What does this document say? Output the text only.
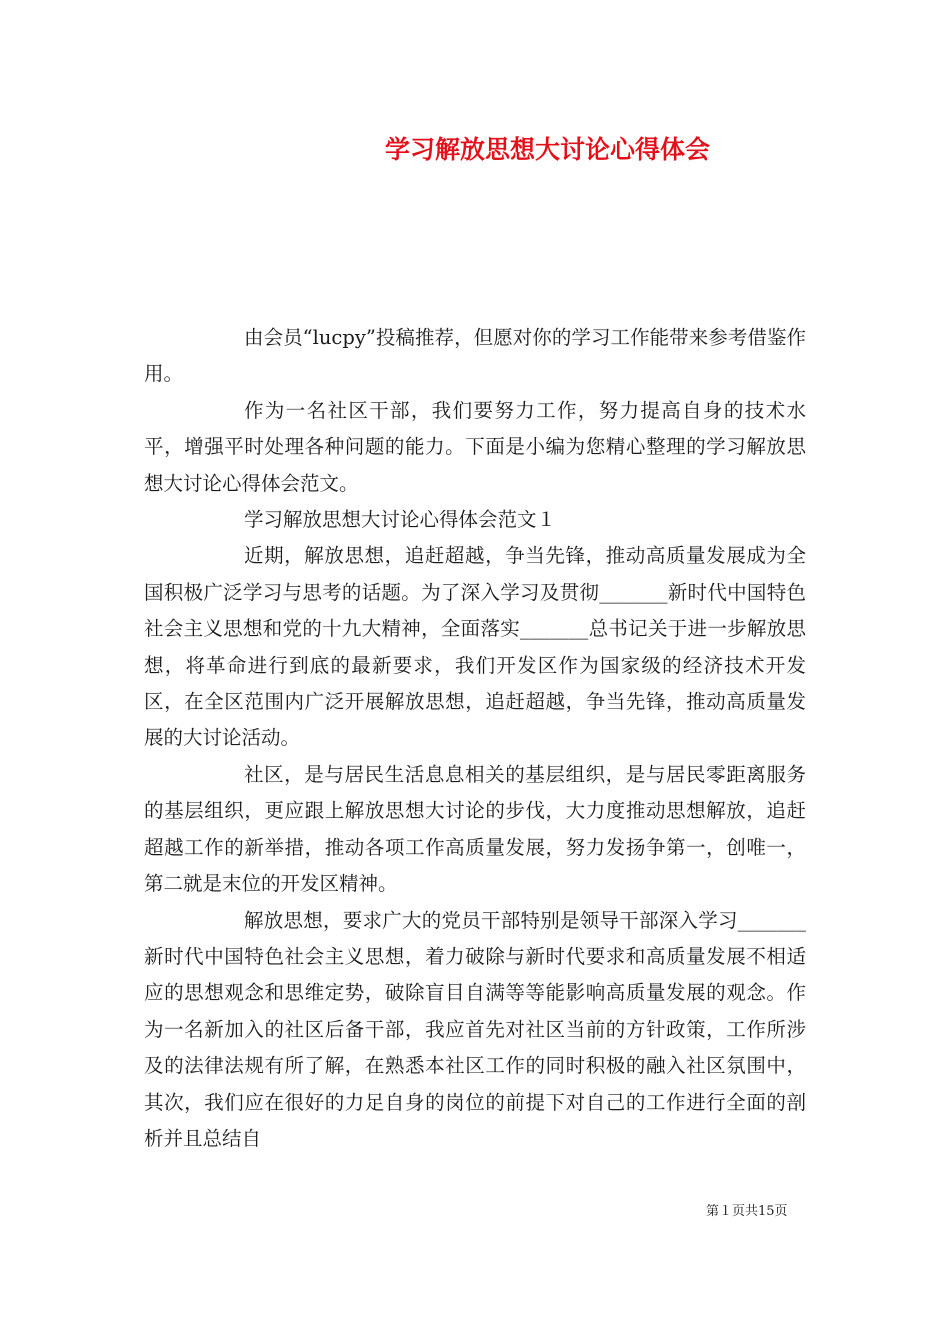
学习解放思想大讨论心得体会

由会员“lucpy”投稿推荐，但愿对你的学习工作能带来参考借鉴作用。

作为一名社区干部，我们要努力工作，努力提高自身的技术水平，增强平时处理各种问题的能力。下面是小编为您精心整理的学习解放思想大讨论心得体会范文。

学习解放思想大讨论心得体会范文１

近期，解放思想，追赶超越，争当先锋，推动高质量发展成为全国积极广泛学习与思考的话题。为了深入学习及贯彻_______新时代中国特色社会主义思想和党的十九大精神，全面落实_______总书记关于进一步解放思想，将革命进行到底的最新要求，我们开发区作为国家级的经济技术开发区，在全区范围内广泛开展解放思想，追赶超越，争当先锋，推动高质量发展的大讨论活动。

社区，是与居民生活息息相关的基层组织，是与居民零距离服务的基层组织，更应跟上解放思想大讨论的步伐，大力度推动思想解放，追赶超越工作的新举措，推动各项工作高质量发展，努力发扬争第一，创唯一，第二就是末位的开发区精神。

解放思想，要求广大的党员干部特别是领导干部深入学习_______新时代中国特色社会主义思想，着力破除与新时代要求和高质量发展不相适应的思想观念和思维定势，破除盲目自满等等能影响高质量发展的观念。作为一名新加入的社区后备干部，我应首先对社区当前的方针政策，工作所涉及的法律法规有所了解，在熟悉本社区工作的同时积极的融入社区氛围中，其次，我们应在很好的力足自身的岗位的前提下对自己的工作进行全面的剖析并且总结自

第１页共15页
